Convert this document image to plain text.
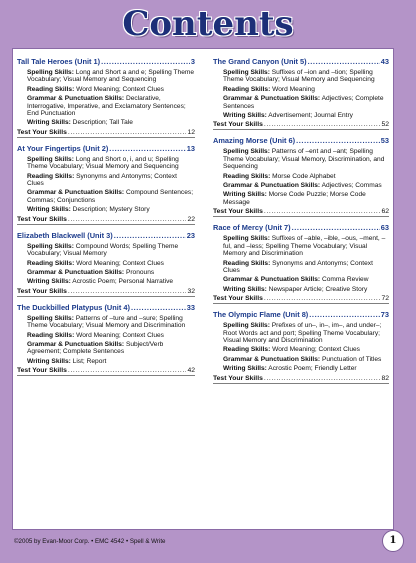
Contents
Tall Tale Heroes (Unit 1) .....	3
Spelling Skills: Long and Short a and e; Spelling Theme Vocabulary; Visual Memory and Sequencing
Reading Skills: Word Meaning; Context Clues
Grammar & Punctuation Skills: Declarative, Interrogative, Imperative, and Exclamatory Sentences; End Punctuation
Writing Skills: Description; Tall Tale
Test Your Skills .....	12
At Your Fingertips (Unit 2) .....	13
Spelling Skills: Long and Short o, i, and u; Spelling Theme Vocabulary; Visual Memory and Sequencing
Reading Skills: Synonyms and Antonyms; Context Clues
Grammar & Punctuation Skills: Compound Sentences; Commas; Conjunctions
Writing Skills: Description; Mystery Story
Test Your Skills .....	22
Elizabeth Blackwell (Unit 3) .....	23
Spelling Skills: Compound Words; Spelling Theme Vocabulary; Visual Memory
Reading Skills: Word Meaning; Context Clues
Grammar & Punctuation Skills: Pronouns
Writing Skills: Acrostic Poem; Personal Narrative
Test Your Skills .....	32
The Duckbilled Platypus (Unit 4) .....	33
Spelling Skills: Patterns of –ture and –sure; Spelling Theme Vocabulary; Visual Memory and Discrimination
Reading Skills: Word Meaning; Context Clues
Grammar & Punctuation Skills: Subject/Verb Agreement; Complete Sentences
Writing Skills: List; Report
Test Your Skills .....	42
The Grand Canyon (Unit 5) .....	43
Spelling Skills: Suffixes of –ion and –tion; Spelling Theme Vocabulary; Visual Memory and Sequencing
Reading Skills: Word Meaning
Grammar & Punctuation Skills: Adjectives; Complete Sentences
Writing Skills: Advertisement; Journal Entry
Test Your Skills .....	52
Amazing Morse (Unit 6) .....	53
Spelling Skills: Patterns of –ent and –ant; Spelling Theme Vocabulary; Visual Memory, Discrimination, and Sequencing
Reading Skills: Morse Code Alphabet
Grammar & Punctuation Skills: Adjectives; Commas
Writing Skills: Morse Code Puzzle; Morse Code Message
Test Your Skills .....	62
Race of Mercy (Unit 7) .....	63
Spelling Skills: Suffixes of –able, –ible, –ous, –ment, –ful, and –less; Spelling Theme Vocabulary; Visual Memory and Discrimination
Reading Skills: Synonyms and Antonyms; Context Clues
Grammar & Punctuation Skills: Comma Review
Writing Skills: Newspaper Article; Creative Story
Test Your Skills .....	72
The Olympic Flame (Unit 8) .....	73
Spelling Skills: Prefixes of un–, in–, im–, and under–; Root Words act and port; Spelling Theme Vocabulary; Visual Memory and Discrimination
Reading Skills: Word Meaning; Context Clues
Grammar & Punctuation Skills: Punctuation of Titles
Writing Skills: Acrostic Poem; Friendly Letter
Test Your Skills .....	82
©2005 by Evan-Moor Corp. • EMC 4542 • Spell & Write	1
